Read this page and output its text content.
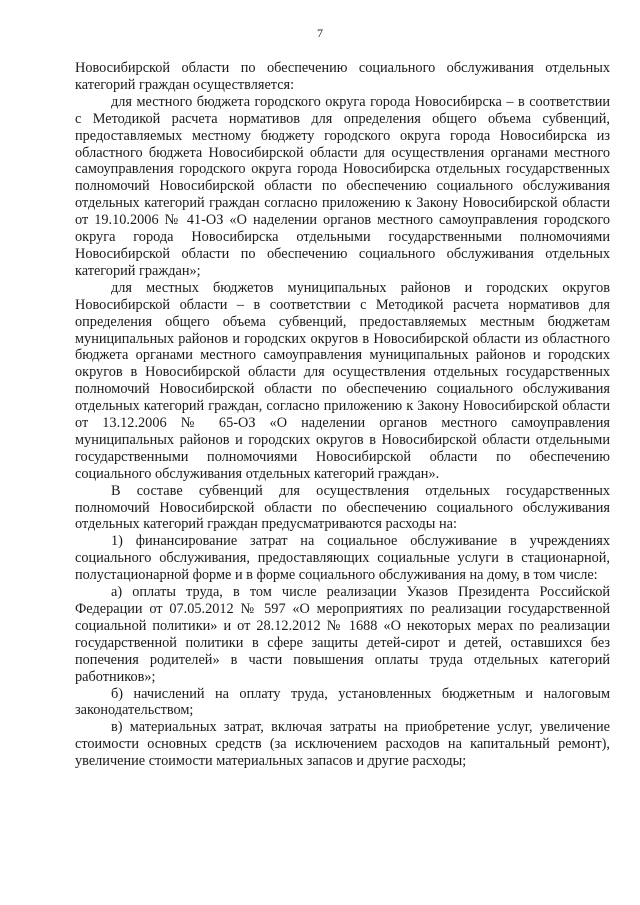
7

Новосибирской области по обеспечению социального обслуживания отдельных категорий граждан осуществляется:

для местного бюджета городского округа города Новосибирска – в соответствии с Методикой расчета нормативов для определения общего объема субвенций, предоставляемых местному бюджету городского округа города Новосибирска из областного бюджета Новосибирской области для осуществления органами местного самоуправления городского округа города Новосибирска отдельных государственных полномочий Новосибирской области по обеспечению социального обслуживания отдельных категорий граждан согласно приложению к Закону Новосибирской области от 19.10.2006 № 41-ОЗ «О наделении органов местного самоуправления городского округа города Новосибирска отдельными государственными полномочиями Новосибирской области по обеспечению социального обслуживания отдельных категорий граждан»;

для местных бюджетов муниципальных районов и городских округов Новосибирской области – в соответствии с Методикой расчета нормативов для определения общего объема субвенций, предоставляемых местным бюджетам муниципальных районов и городских округов в Новосибирской области из областного бюджета органами местного самоуправления муниципальных районов и городских округов в Новосибирской области для осуществления отдельных государственных полномочий Новосибирской области по обеспечению социального обслуживания отдельных категорий граждан, согласно приложению к Закону Новосибирской области от 13.12.2006 № 65-ОЗ «О наделении органов местного самоуправления муниципальных районов и городских округов в Новосибирской области отдельными государственными полномочиями Новосибирской области по обеспечению социального обслуживания отдельных категорий граждан».

В составе субвенций для осуществления отдельных государственных полномочий Новосибирской области по обеспечению социального обслуживания отдельных категорий граждан предусматриваются расходы на:

1) финансирование затрат на социальное обслуживание в учреждениях социального обслуживания, предоставляющих социальные услуги в стационарной, полустационарной форме и в форме социального обслуживания на дому, в том числе:

а) оплаты труда, в том числе реализации Указов Президента Российской Федерации от 07.05.2012 № 597 «О мероприятиях по реализации государственной социальной политики» и от 28.12.2012 № 1688 «О некоторых мерах по реализации государственной политики в сфере защиты детей-сирот и детей, оставшихся без попечения родителей» в части повышения оплаты труда отдельных категорий работников»;

б) начислений на оплату труда, установленных бюджетным и налоговым законодательством;

в) материальных затрат, включая затраты на приобретение услуг, увеличение стоимости основных средств (за исключением расходов на капитальный ремонт), увеличение стоимости материальных запасов и другие расходы;
